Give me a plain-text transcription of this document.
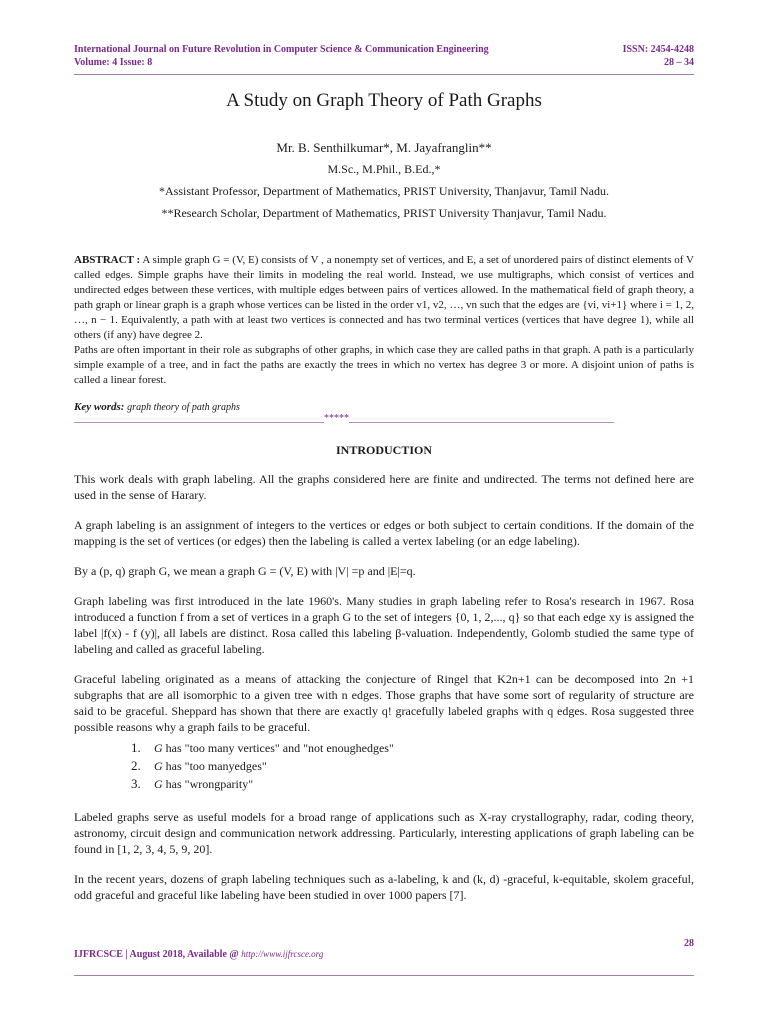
International Journal on Future Revolution in Computer Science & Communication Engineering
Volume: 4 Issue: 8
ISSN: 2454-4248
28 – 34
A Study on Graph Theory of Path Graphs
Mr. B. Senthilkumar*, M. Jayafranglin**
M.Sc., M.Phil., B.Ed.,*
*Assistant Professor, Department of Mathematics, PRIST University, Thanjavur, Tamil Nadu.
**Research Scholar, Department of Mathematics, PRIST University Thanjavur, Tamil Nadu.

ABSTRACT : A simple graph G = (V, E) consists of V , a nonempty set of vertices, and E, a set of unordered pairs of distinct elements of V called edges. Simple graphs have their limits in modeling the real world. Instead, we use multigraphs, which consist of vertices and undirected edges between these vertices, with multiple edges between pairs of vertices allowed. In the mathematical field of graph theory, a path graph or linear graph is a graph whose vertices can be listed in the order v1, v2, …, vn such that the edges are {vi, vi+1} where i = 1, 2, …, n − 1. Equivalently, a path with at least two vertices is connected and has two terminal vertices (vertices that have degree 1), while all others (if any) have degree 2.

Paths are often important in their role as subgraphs of other graphs, in which case they are called paths in that graph. A path is a particularly simple example of a tree, and in fact the paths are exactly the trees in which no vertex has degree 3 or more. A disjoint union of paths is called a linear forest.

Key words: graph theory of path graphs
__________________________________________________*****_____________________________________________________
INTRODUCTION

This work deals with graph labeling. All the graphs considered here are finite and undirected. The terms not defined here are used in the sense of Harary.

A graph labeling is an assignment of integers to the vertices or edges or both subject to certain conditions. If the domain of the mapping is the set of vertices (or edges) then the labeling is called a vertex labeling (or an edge labeling).

By a (p, q) graph G, we mean a graph G = (V, E) with |V| =p and |E|=q.

Graph labeling was first introduced in the late 1960's. Many studies in graph labeling refer to Rosa's research in 1967. Rosa introduced a function f from a set of vertices in a graph G to the set of integers {0, 1, 2,..., q} so that each edge xy is assigned the label |f(x) - f (y)|, all labels are distinct. Rosa called this labeling β-valuation. Independently, Golomb studied the same type of labeling and called as graceful labeling.

Graceful labeling originated as a means of attacking the conjecture of Ringel that K2n+1 can be decomposed into 2n +1 subgraphs that are all isomorphic to a given tree with n edges. Those graphs that have some sort of regularity of structure are said to be graceful. Sheppard has shown that there are exactly q! gracefully labeled graphs with q edges. Rosa suggested three possible reasons why a graph fails to be graceful.

1. G has "too many vertices" and "not enoughedges"
2. G has "too manyedges"
3. G has "wrongparity"

Labeled graphs serve as useful models for a broad range of applications such as X-ray crystallography, radar, coding theory, astronomy, circuit design and communication network addressing. Particularly, interesting applications of graph labeling can be found in [1, 2, 3, 4, 5, 9, 20].

In the recent years, dozens of graph labeling techniques such as a-labeling, k and (k, d) -graceful, k-equitable, skolem graceful, odd graceful and graceful like labeling have been studied in over 1000 papers [7].

28
IJFRCSCE | August 2018, Available @ http://www.ijfrcsce.org
